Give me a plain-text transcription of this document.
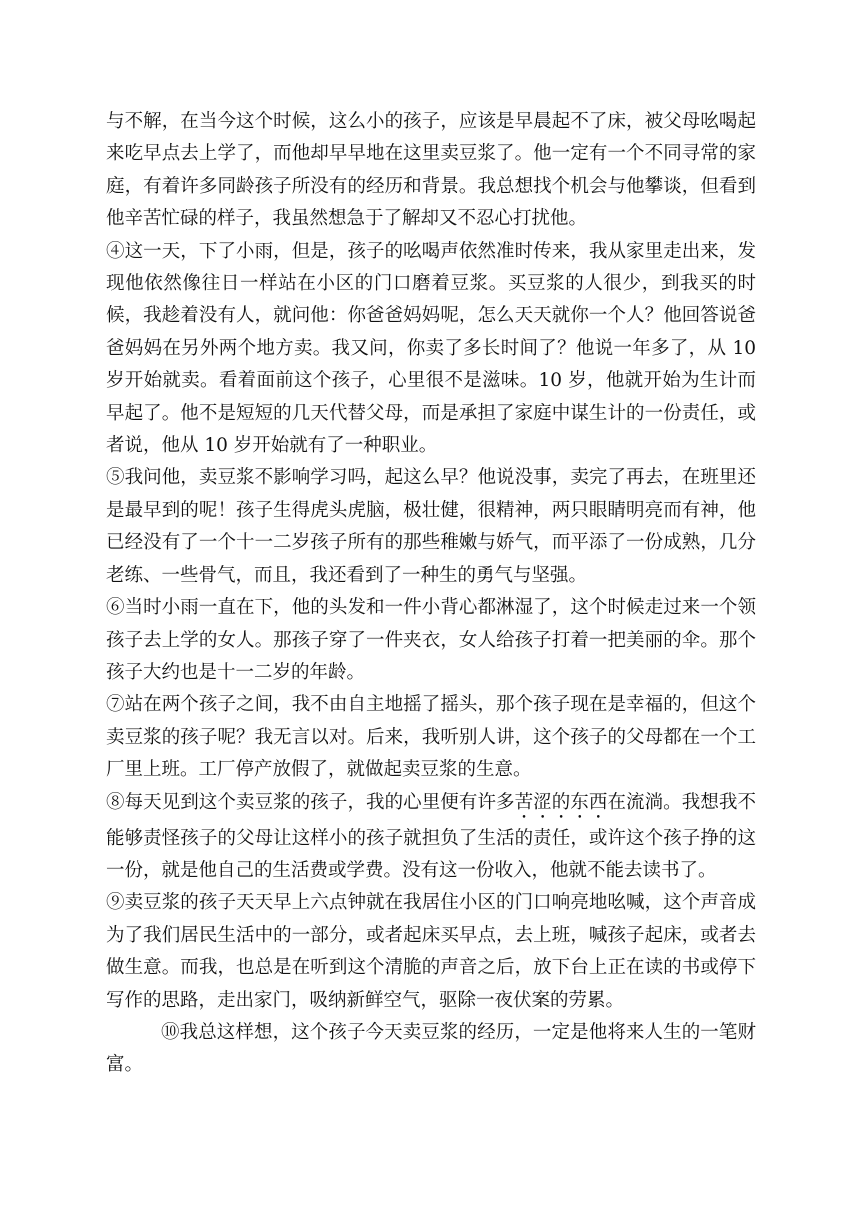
与不解，在当今这个时候，这么小的孩子，应该是早晨起不了床，被父母吆喝起来吃早点去上学了，而他却早早地在这里卖豆浆了。他一定有一个不同寻常的家庭，有着许多同龄孩子所没有的经历和背景。我总想找个机会与他攀谈，但看到他辛苦忙碌的样子，我虽然想急于了解却又不忍心打扰他。

④这一天，下了小雨，但是，孩子的吆喝声依然准时传来，我从家里走出来，发现他依然像往日一样站在小区的门口磨着豆浆。买豆浆的人很少，到我买的时候，我趁着没有人，就问他：你爸爸妈妈呢，怎么天天就你一个人？他回答说爸爸妈妈在另外两个地方卖。我又问，你卖了多长时间了？他说一年多了，从 10 岁开始就卖。看着面前这个孩子，心里很不是滋味。10 岁，他就开始为生计而早起了。他不是短短的几天代替父母，而是承担了家庭中谋生计的一份责任，或者说，他从 10 岁开始就有了一种职业。

⑤我问他，卖豆浆不影响学习吗，起这么早？他说没事，卖完了再去，在班里还是最早到的呢！孩子生得虎头虎脑，极壮健，很精神，两只眼睛明亮而有神，他已经没有了一个十一二岁孩子所有的那些稚嫩与娇气，而平添了一份成熟，几分老练、一些骨气，而且，我还看到了一种生的勇气与坚强。

⑥当时小雨一直在下，他的头发和一件小背心都淋湿了，这个时候走过来一个领孩子去上学的女人。那孩子穿了一件夹衣，女人给孩子打着一把美丽的伞。那个孩子大约也是十一二岁的年龄。

⑦站在两个孩子之间，我不由自主地摇了摇头，那个孩子现在是幸福的，但这个卖豆浆的孩子呢？我无言以对。后来，我听别人讲，这个孩子的父母都在一个工厂里上班。工厂停产放假了，就做起卖豆浆的生意。

⑧每天见到这个卖豆浆的孩子，我的心里便有许多苦涩的东西在流淌。我想我不能够责怪孩子的父母让这样小的孩子就担负了生活的责任，或许这个孩子挣的这一份，就是他自己的生活费或学费。没有这一份收入，他就不能去读书了。

⑨卖豆浆的孩子天天早上六点钟就在我居住小区的门口响亮地吆喊，这个声音成为了我们居民生活中的一部分，或者起床买早点，去上班，喊孩子起床，或者去做生意。而我，也总是在听到这个清脆的声音之后，放下台上正在读的书或停下写作的思路，走出家门，吸纳新鲜空气，驱除一夜伏案的劳累。

⑩我总这样想，这个孩子今天卖豆浆的经历，一定是他将来人生的一笔财富。
